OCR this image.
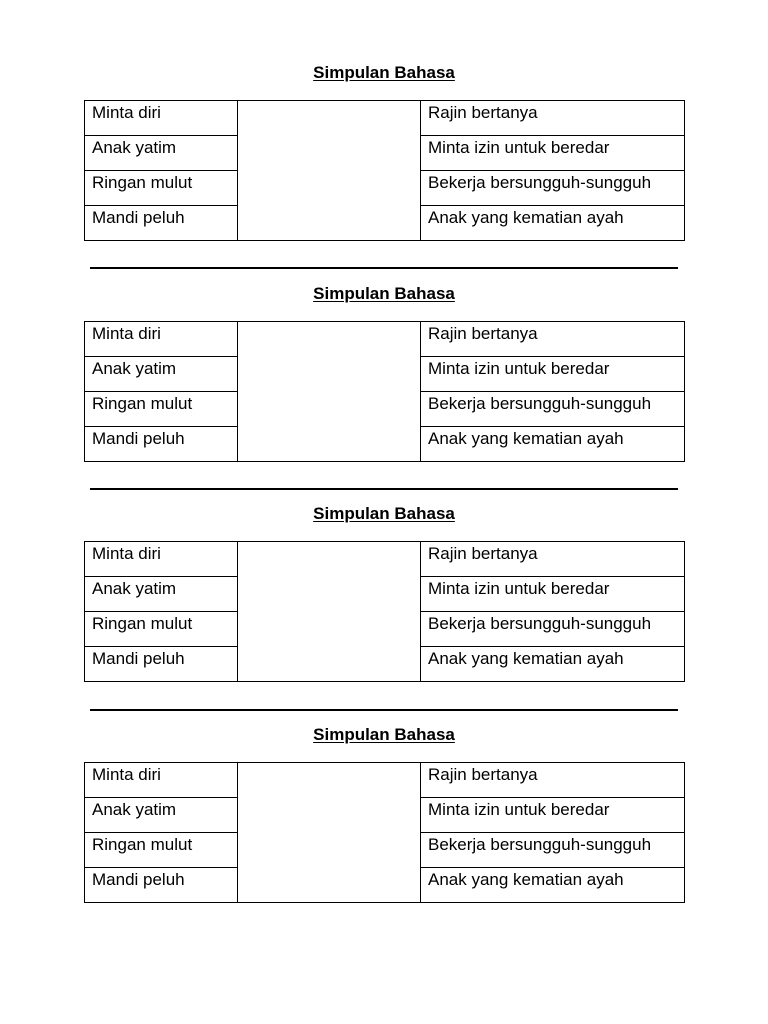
Simpulan Bahasa
Minta diri		Rajin bertanya
Anak yatim		Minta izin untuk beredar
Ringan mulut		Bekerja bersungguh-sungguh
Mandi peluh		Anak yang kematian ayah
Simpulan Bahasa
Minta diri		Rajin bertanya
Anak yatim		Minta izin untuk beredar
Ringan mulut		Bekerja bersungguh-sungguh
Mandi peluh		Anak yang kematian ayah
Simpulan Bahasa
Minta diri		Rajin bertanya
Anak yatim		Minta izin untuk beredar
Ringan mulut		Bekerja bersungguh-sungguh
Mandi peluh		Anak yang kematian ayah
Simpulan Bahasa
Minta diri		Rajin bertanya
Anak yatim		Minta izin untuk beredar
Ringan mulut		Bekerja bersungguh-sungguh
Mandi peluh		Anak yang kematian ayah
